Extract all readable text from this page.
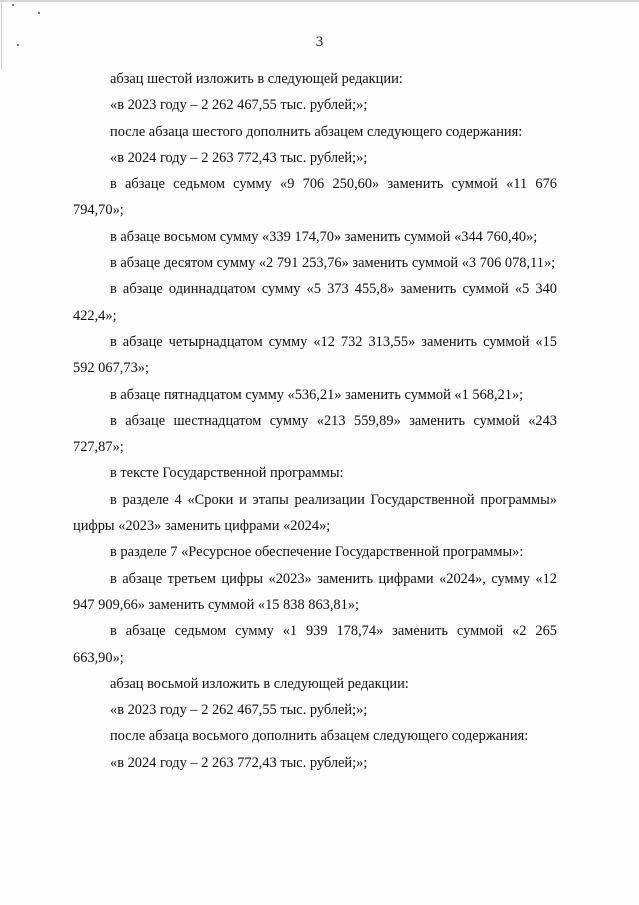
3

абзац шестой изложить в следующей редакции:

«в 2023 году – 2 262 467,55 тыс. рублей;»;

после абзаца шестого дополнить абзацем следующего содержания:

«в 2024 году – 2 263 772,43 тыс. рублей;»;

в абзаце седьмом сумму «9 706 250,60» заменить суммой «11 676 794,70»;

в абзаце восьмом сумму «339 174,70» заменить суммой «344 760,40»;

в абзаце десятом сумму «2 791 253,76» заменить суммой «3 706 078,11»;

в абзаце одиннадцатом сумму «5 373 455,8» заменить суммой «5 340 422,4»;

в абзаце четырнадцатом сумму «12 732 313,55» заменить суммой «15 592 067,73»;

в абзаце пятнадцатом сумму «536,21» заменить суммой «1 568,21»;

в абзаце шестнадцатом сумму «213 559,89» заменить суммой «243 727,87»;

в тексте Государственной программы:

в разделе 4 «Сроки и этапы реализации Государственной программы» цифры «2023» заменить цифрами «2024»;

в разделе 7 «Ресурсное обеспечение Государственной программы»:

в абзаце третьем цифры «2023» заменить цифрами «2024», сумму «12 947 909,66» заменить суммой «15 838 863,81»;

в абзаце седьмом сумму «1 939 178,74» заменить суммой «2 265 663,90»;

абзац восьмой изложить в следующей редакции:

«в 2023 году – 2 262 467,55 тыс. рублей;»;

после абзаца восьмого дополнить абзацем следующего содержания:

«в 2024 году – 2 263 772,43 тыс. рублей;»;
